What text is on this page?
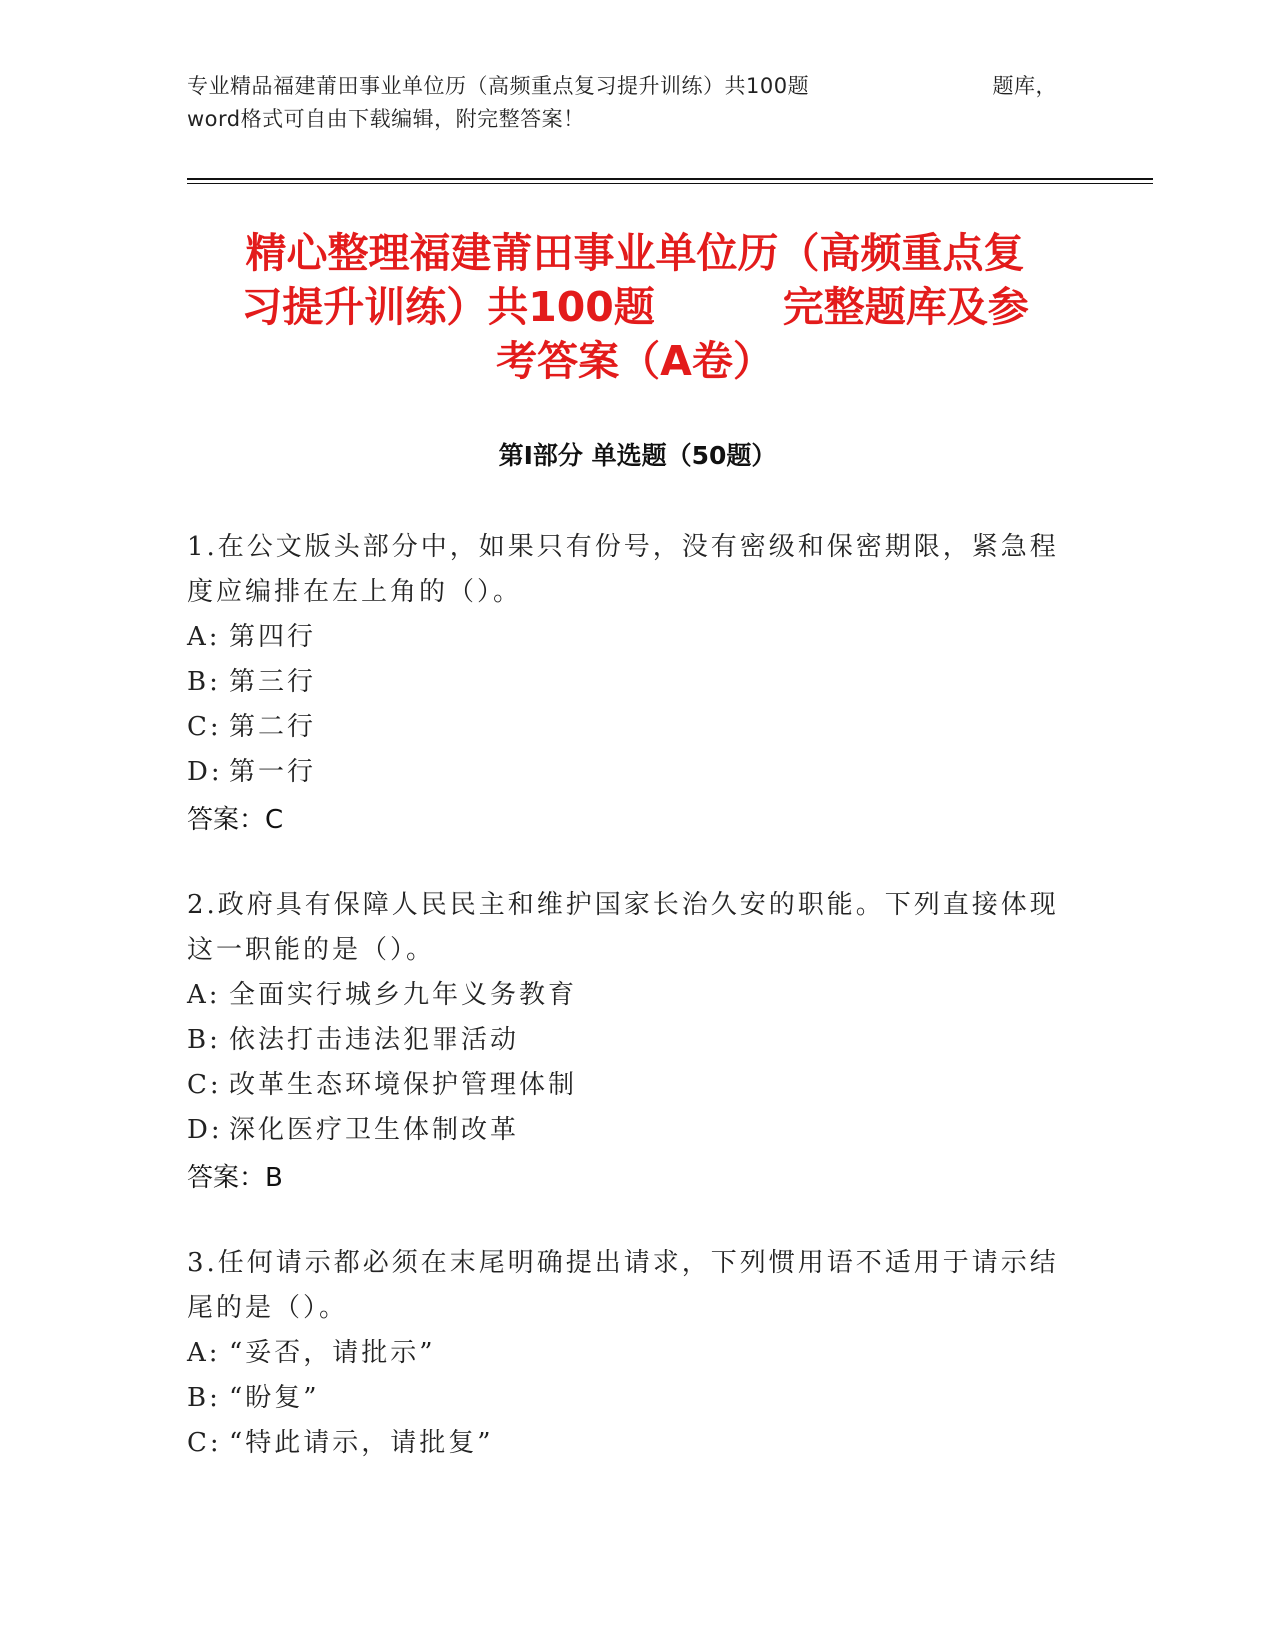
专业精品福建莆田事业单位历（高频重点复习提升训练）共100题	题库，
word格式可自由下载编辑，附完整答案！
精心整理福建莆田事业单位历（高频重点复
习提升训练）共100题	完整题库及参
考答案（A卷）
第I部分 单选题（50题）
1.在公文版头部分中，如果只有份号，没有密级和保密期限，紧急程度应编排在左上角的（）。
A: 第四行
B: 第三行
C: 第二行
D: 第一行
答案：C
2.政府具有保障人民民主和维护国家长治久安的职能。下列直接体现这一职能的是（）。
A: 全面实行城乡九年义务教育
B: 依法打击违法犯罪活动
C: 改革生态环境保护管理体制
D: 深化医疗卫生体制改革
答案：B
3.任何请示都必须在末尾明确提出请求，下列惯用语不适用于请示结尾的是（）。
A: “妥否，请批示”
B: “盼复”
C: “特此请示，请批复”
